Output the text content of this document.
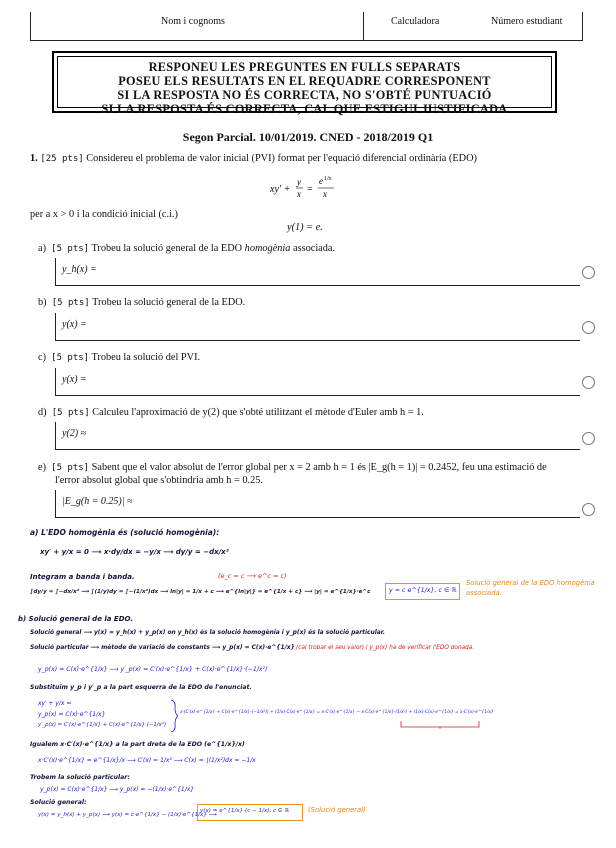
Nom i cognoms	Calculadora	Número estudiant
RESPONEU LES PREGUNTES EN FULLS SEPARATS
POSEU ELS RESULTATS EN EL REQUADRE CORRESPONENT
SI LA RESPOSTA NO ÉS CORRECTA, NO S'OBTÉ PUNTUACIÓ
SI LA RESPOSTA ÉS CORRECTA, CAL QUE ESTIGUI JUSTIFICADA
Segon Parcial. 10/01/2019. CNED - 2018/2019 Q1
1. [25 pts] Considereu el problema de valor inicial (PVI) format per l'equació diferencial ordinària (EDO)
xy′ +
y
x =
e 1/x
x
per a x > 0 i la condició inicial (c.i.)
y(1) = e.
a) [5 pts] Trobeu la solució general de la EDO homogènia associada.
y_h(x) =
b) [5 pts] Trobeu la solució general de la EDO.
y(x) =
c) [5 pts] Trobeu la solució del PVI.
y(x) =
d) [5 pts] Calculeu l'aproximació de y(2) que s'obté utilitzant el mètode d'Euler amb h = 1.
y(2) ≈
e) [5 pts] Sabent que el valor absolut de l'error global per x = 2 amb h = 1 és |E_g(h = 1)| = 0.2452, feu una estimació de
l'error absolut global que s'obtindria amb h = 0.25.
|E_g(h = 0.25)| ≈
a) L'EDO homogènia és (solució homogènia):
xy′ + y/x = 0 ⟶ x·dy/dx = −y/x ⟶ dy/y = −dx/x²
Integram a banda i banda.	(e_c = c ⟶ e^c = c)
∫dy/y = ∫−dx/x² ⟶ ∫(1/y)dy = ∫−(1/x²)dx ⟶ ln|y| = 1/x + c ⟶ e^{ln|y|} = e^{1/x + c} ⟶ |y| = e^{1/x}·e^c	y = c e^{1/x}, c ∈ ℝ
Solució general de la EDO homogènia associada.
b) Solució general de la EDO.
Solució general ⟶ y(x) = y_h(x) + y_p(x) on y_h(x) és la solució homogènia i y_p(x) és la solució particular.
Solució particular ⟶ mètode de variació de constants ⟶ y_p(x) = C(x)·e^{1/x} (cal trobar el seu valor) i y_p(x) ha de verificar l'EDO donada.
y_p(x) = C(x)·e^{1/x} ⟶ y′_p(x) = C′(x)·e^{1/x} + C(x)·e^{1/x}·(−1/x²)
Substituïm y_p i y′_p a la part esquerra de la EDO de l'enunciat.
xy′ + y/x =
y_p(x) = C(x)·e^{1/x}
y′_p(x) = C′(x)·e^{1/x} + C(x)·e^{1/x}·(−1/x²)
x·(C′(x)·e^{1/x} + C(x)·e^{1/x}·(−1/x²)) + (1/x)·C(x)·e^{1/x} = x·C′(x)·e^{1/x} − x·C(x)·e^{1/x}·(1/x²) + (1/x)·C(x)·e^{1/x} = x·C′(x)·e^{1/x}
Igualem x·C′(x)·e^{1/x} a la part dreta de la EDO (e^{1/x}/x)
x·C′(x)·e^{1/x} = e^{1/x}/x ⟶ C′(x) = 1/x² ⟶ C(x) = ∫(1/x²)dx = −1/x
Trobem la solució particular:
y_p(x) = C(x)·e^{1/x} ⟶ y_p(x) = −(1/x)·e^{1/x}
Solució general:
y(x) = y_h(x) + y_p(x) ⟶ y(x) = c·e^{1/x} − (1/x)·e^{1/x} ⟶
y(x) = e^{1/x}·(c − 1/x), c ∈ ℝ	(Solució general)
